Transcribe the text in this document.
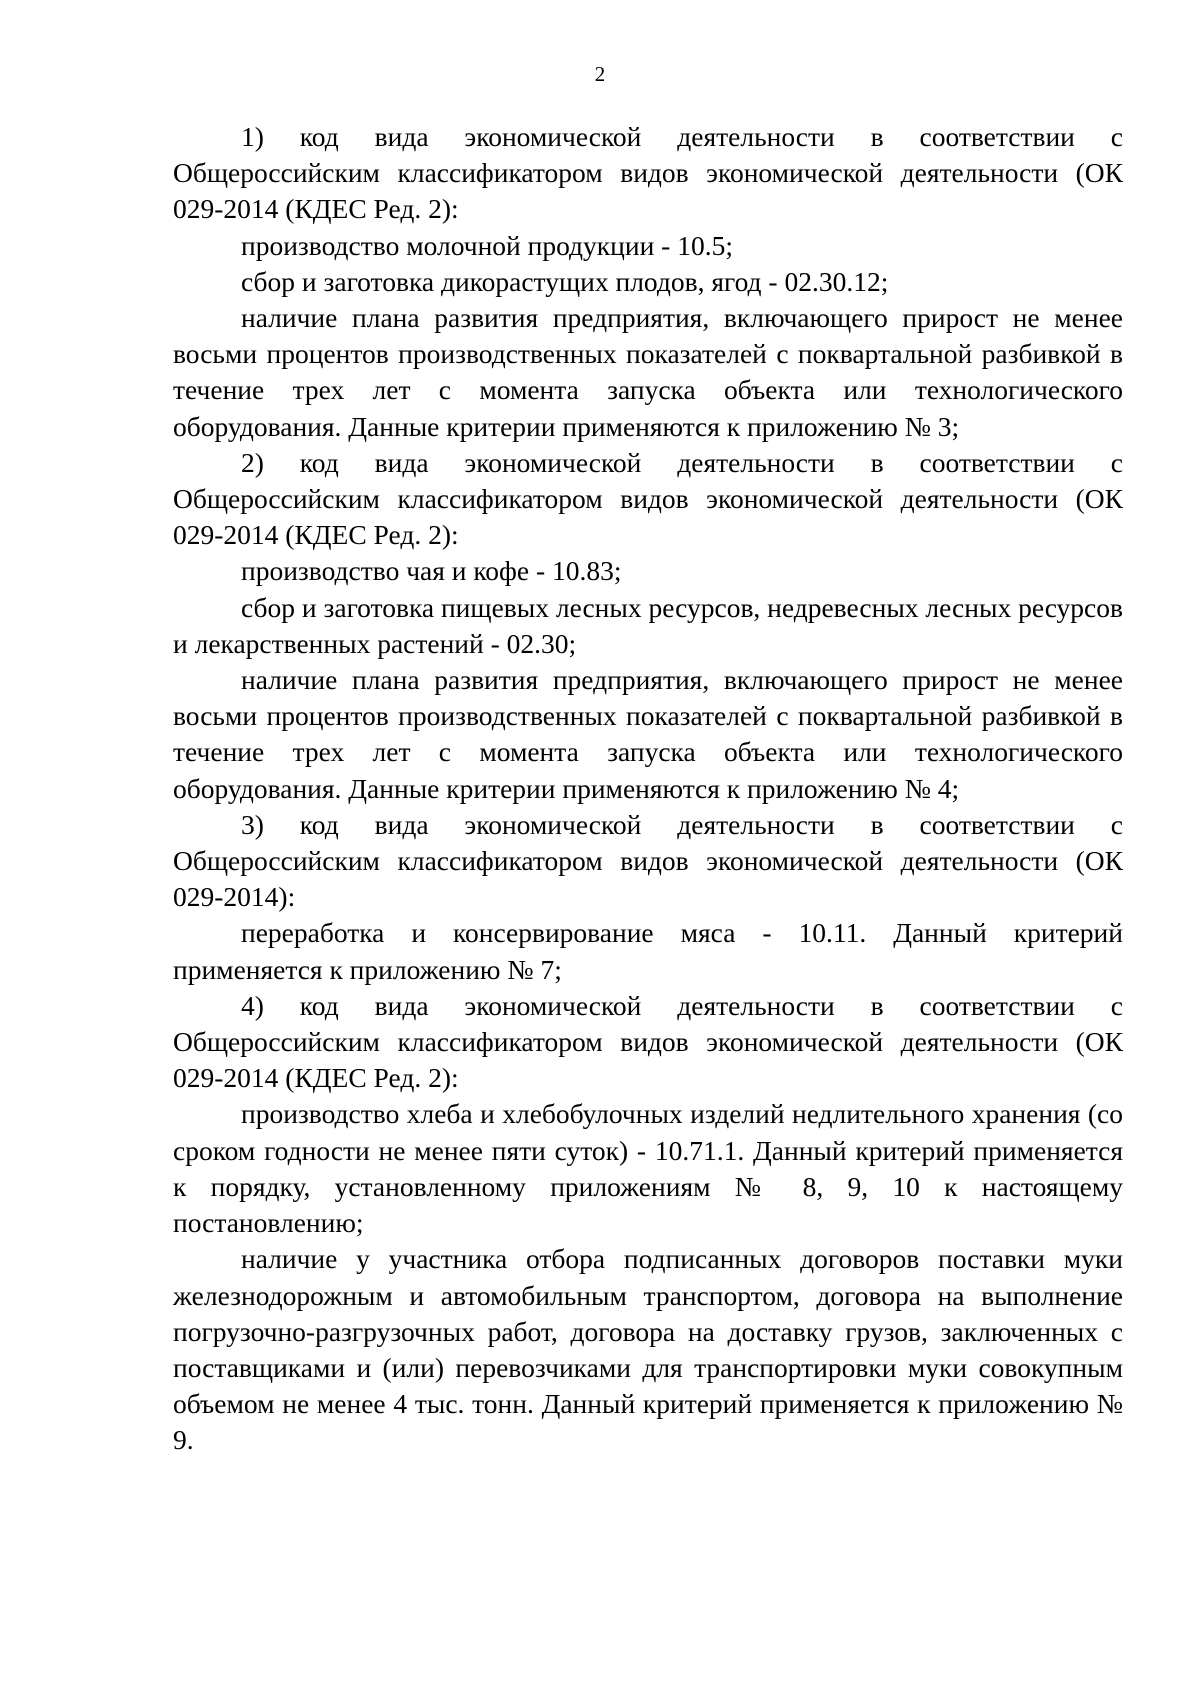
2

1) код вида экономической деятельности в соответствии с Общероссийским классификатором видов экономической деятельности (ОК 029-2014 (КДЕС Ред. 2):

производство молочной продукции - 10.5;

сбор и заготовка дикорастущих плодов, ягод - 02.30.12;

наличие плана развития предприятия, включающего прирост не менее восьми процентов производственных показателей с поквартальной разбивкой в течение трех лет с момента запуска объекта или технологического оборудования. Данные критерии применяются к приложению № 3;

2) код вида экономической деятельности в соответствии с Общероссийским классификатором видов экономической деятельности (ОК 029-2014 (КДЕС Ред. 2):

производство чая и кофе - 10.83;

сбор и заготовка пищевых лесных ресурсов, недревесных лесных ресурсов и лекарственных растений - 02.30;

наличие плана развития предприятия, включающего прирост не менее восьми процентов производственных показателей с поквартальной разбивкой в течение трех лет с момента запуска объекта или технологического оборудования. Данные критерии применяются к приложению № 4;

3) код вида экономической деятельности в соответствии с Общероссийским классификатором видов экономической деятельности (ОК 029-2014):

переработка и консервирование мяса - 10.11. Данный критерий применяется к приложению № 7;

4) код вида экономической деятельности в соответствии с Общероссийским классификатором видов экономической деятельности (ОК 029-2014 (КДЕС Ред. 2):

производство хлеба и хлебобулочных изделий недлительного хранения (со сроком годности не менее пяти суток) - 10.71.1. Данный критерий применяется к порядку, установленному приложениям № 8, 9, 10 к настоящему постановлению;

наличие у участника отбора подписанных договоров поставки муки железнодорожным и автомобильным транспортом, договора на выполнение погрузочно-разгрузочных работ, договора на доставку грузов, заключенных с поставщиками и (или) перевозчиками для транспортировки муки совокупным объемом не менее 4 тыс. тонн. Данный критерий применяется к приложению № 9.
